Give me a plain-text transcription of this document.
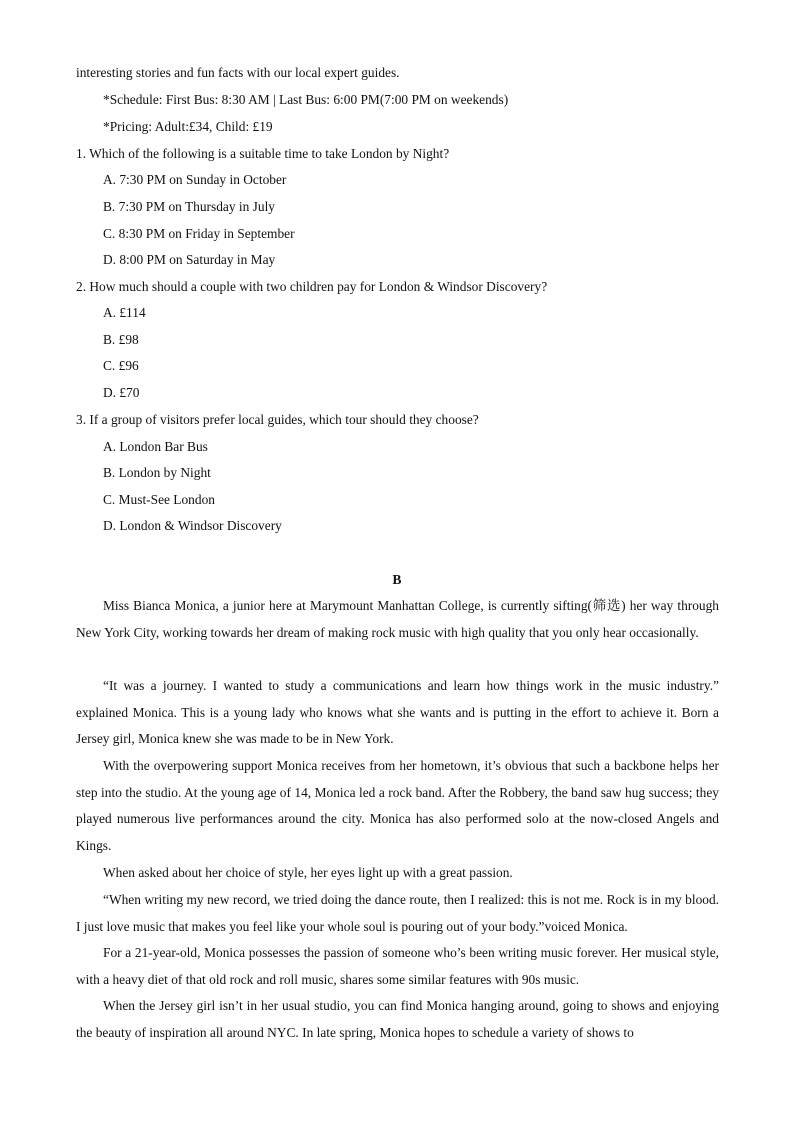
interesting stories and fun facts with our local expert guides.
*Schedule: First Bus: 8:30 AM | Last Bus: 6:00 PM(7:00 PM on weekends)
*Pricing: Adult:£34, Child: £19
1. Which of the following is a suitable time to take London by Night?
A. 7:30 PM on Sunday in October
B. 7:30 PM on Thursday in July
C. 8:30 PM on Friday in September
D. 8:00 PM on Saturday in May
2. How much should a couple with two children pay for London & Windsor Discovery?
A. £114
B. £98
C. £96
D. £70
3. If a group of visitors prefer local guides, which tour should they choose?
A. London Bar Bus
B. London by Night
C. Must-See London
D. London & Windsor Discovery
B
Miss Bianca Monica, a junior here at Marymount Manhattan College, is currently sifting(筛选) her way through New York City, working towards her dream of making rock music with high quality that you only hear occasionally.
“It was a journey. I wanted to study a communications and learn how things work in the music industry.” explained Monica. This is a young lady who knows what she wants and is putting in the effort to achieve it. Born a Jersey girl, Monica knew she was made to be in New York.
With the overpowering support Monica receives from her hometown, it’s obvious that such a backbone helps her step into the studio. At the young age of 14, Monica led a rock band. After the Robbery, the band saw hug success; they played numerous live performances around the city. Monica has also performed solo at the now-closed Angels and Kings.
When asked about her choice of style, her eyes light up with a great passion.
“When writing my new record, we tried doing the dance route, then I realized: this is not me. Rock is in my blood. I just love music that makes you feel like your whole soul is pouring out of your body.”voiced Monica.
For a 21-year-old, Monica possesses the passion of someone who’s been writing music forever. Her musical style, with a heavy diet of that old rock and roll music, shares some similar features with 90s music.
When the Jersey girl isn’t in her usual studio, you can find Monica hanging around, going to shows and enjoying the beauty of inspiration all around NYC. In late spring, Monica hopes to schedule a variety of shows to
